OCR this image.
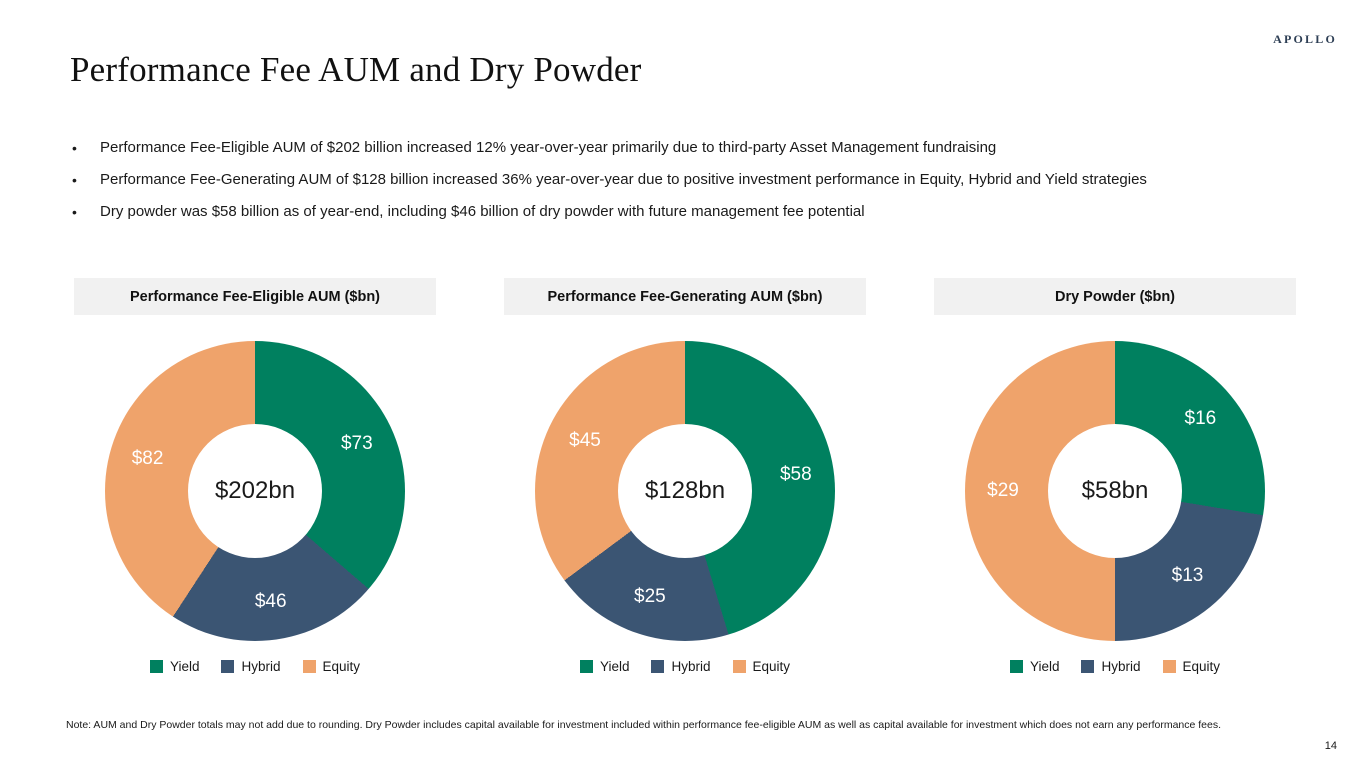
APOLLO
Performance Fee AUM and Dry Powder
•	Performance Fee-Eligible AUM of $202 billion increased 12% year-over-year primarily due to third-party Asset Management fundraising
•	Performance Fee-Generating AUM of $128 billion increased 36% year-over-year due to positive investment performance in Equity, Hybrid and Yield strategies
•	Dry powder was $58 billion as of year-end, including $46 billion of dry powder with future management fee potential
Performance Fee-Eligible AUM ($bn)
$202bn
$73
$46
$82
Yield	Hybrid	Equity
Performance Fee-Generating AUM ($bn)
$128bn
$58
$25
$45
Yield	Hybrid	Equity
Dry Powder ($bn)
$58bn
$16
$13
$29
Yield	Hybrid	Equity
Note: AUM and Dry Powder totals may not add due to rounding. Dry Powder includes capital available for investment included within performance fee-eligible AUM as well as capital available for investment which does not earn any performance fees.
14
